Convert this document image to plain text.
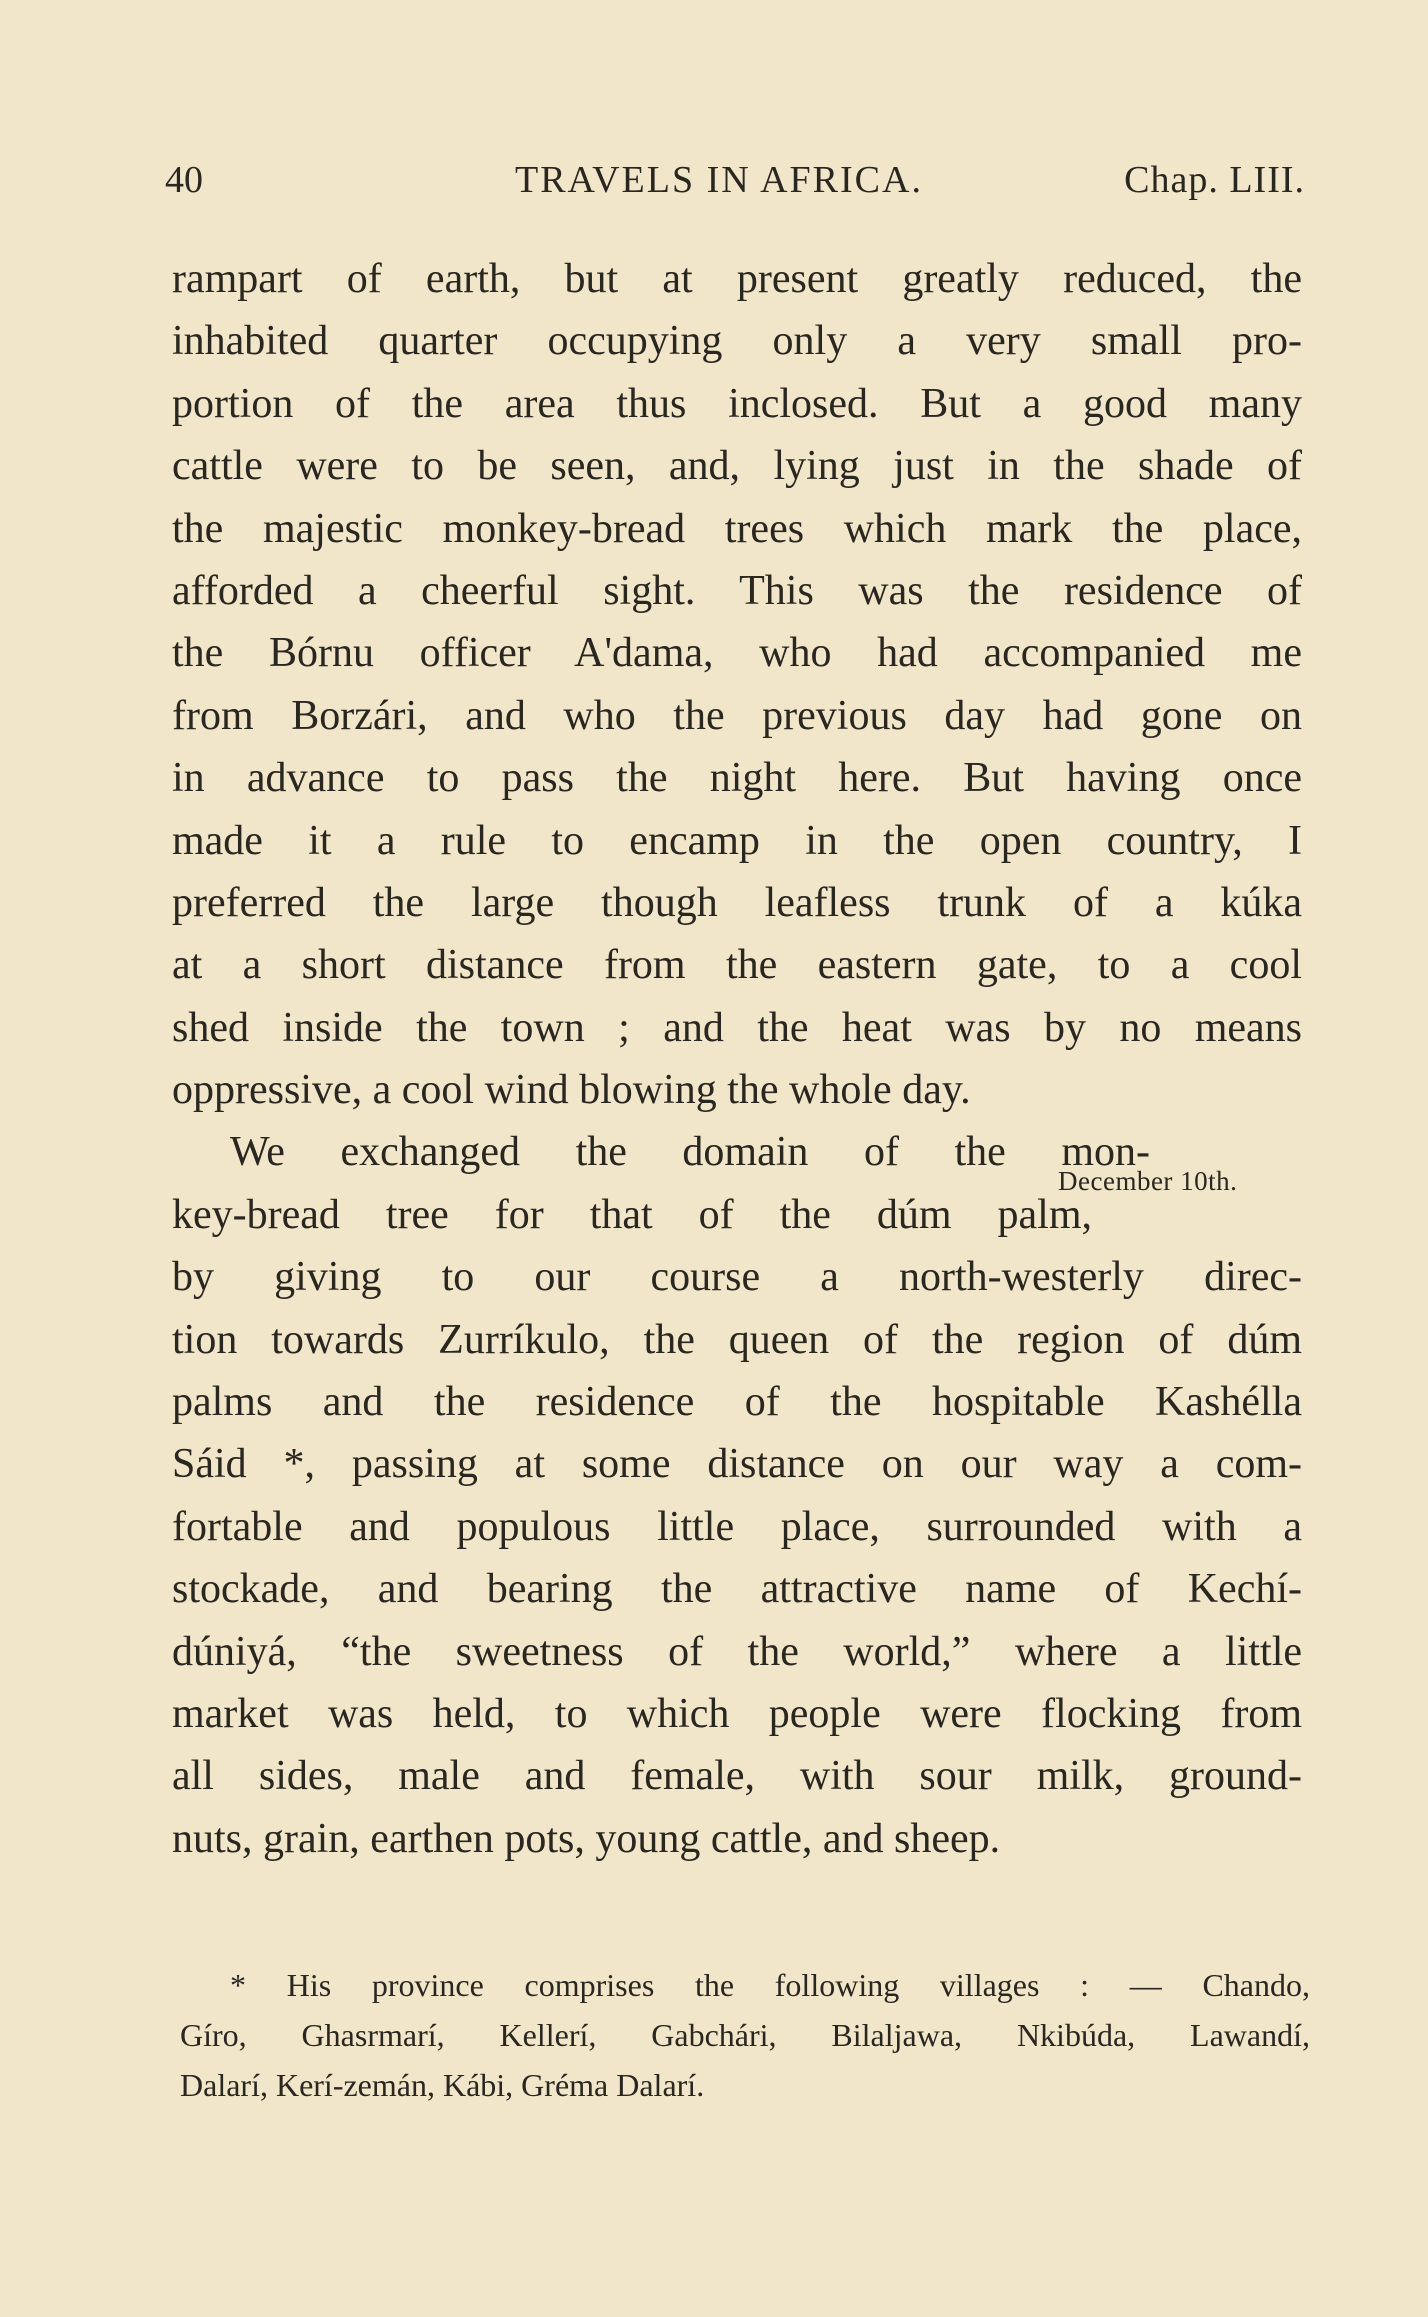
40	TRAVELS IN AFRICA.	Chap. LIII.
rampart of earth, but at present greatly reduced, the
inhabited quarter occupying only a very small pro-
portion of the area thus inclosed. But a good many
cattle were to be seen, and, lying just in the shade of
the majestic monkey-bread trees which mark the place,
afforded a cheerful sight. This was the residence of
the Bórnu officer A'dama, who had accompanied me
from Borzári, and who the previous day had gone on
in advance to pass the night here. But having once
made it a rule to encamp in the open country, I
preferred the large though leafless trunk of a kúka
at a short distance from the eastern gate, to a cool
shed inside the town ; and the heat was by no means
oppressive, a cool wind blowing the whole day.
We exchanged the domain of the mon-
key-bread tree for that of the dúm palm,
by giving to our course a north-westerly direc-
tion towards Zurríkulo, the queen of the region of dúm
palms and the residence of the hospitable Kashélla
Sáid *, passing at some distance on our way a com-
fortable and populous little place, surrounded with a
stockade, and bearing the attractive name of Kechí-
dúniyá, “the sweetness of the world,” where a little
market was held, to which people were flocking from
all sides, male and female, with sour milk, ground-
nuts, grain, earthen pots, young cattle, and sheep.
December 10th.
* His province comprises the following villages : — Chando,
Gíro, Ghasrmarí, Kellerí, Gabchári, Bilaljawa, Nkibúda, Lawandí,
Dalarí, Kerí-zemán, Kábi, Gréma Dalarí.
